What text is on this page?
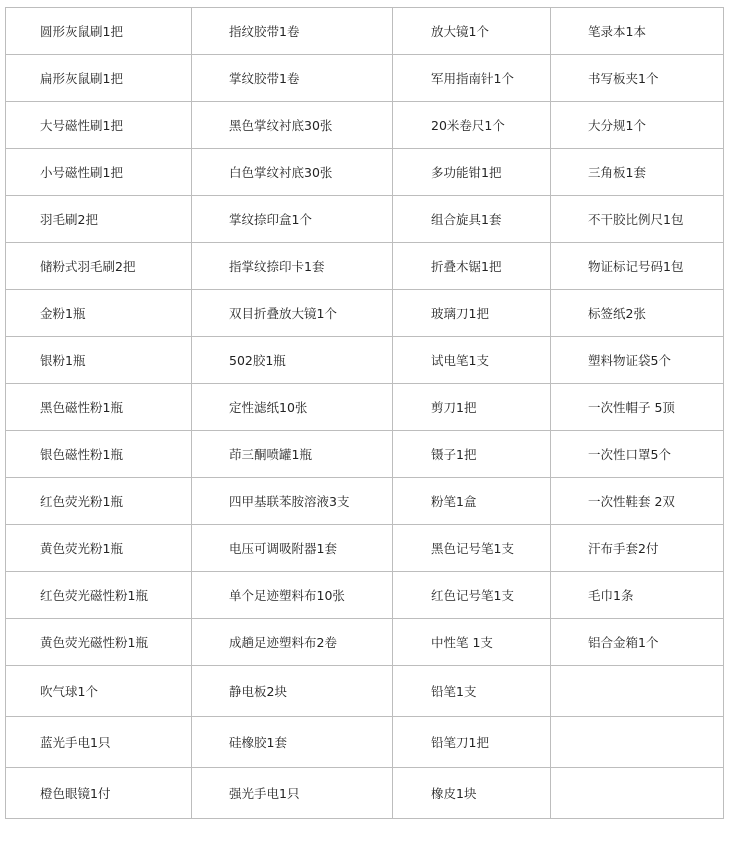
圆形灰鼠刷1把	指纹胶带1卷	放大镜1个	笔录本1本
扁形灰鼠刷1把	掌纹胶带1卷	军用指南针1个	书写板夹1个
大号磁性刷1把	黑色掌纹衬底30张	20米卷尺1个	大分规1个
小号磁性刷1把	白色掌纹衬底30张	多功能钳1把	三角板1套
羽毛刷2把	掌纹捺印盒1个	组合旋具1套	不干胶比例尺1包
储粉式羽毛刷2把	指掌纹捺印卡1套	折叠木锯1把	物证标记号码1包
金粉1瓶	双目折叠放大镜1个	玻璃刀1把	标签纸2张
银粉1瓶	502胶1瓶	试电笔1支	塑料物证袋5个
黑色磁性粉1瓶	定性滤纸10张	剪刀1把	一次性帽子 5顶
银色磁性粉1瓶	茚三酮喷罐1瓶	镊子1把	一次性口罩5个
红色荧光粉1瓶	四甲基联苯胺溶液3支	粉笔1盒	一次性鞋套 2双
黄色荧光粉1瓶	电压可调吸附器1套	黑色记号笔1支	汗布手套2付
红色荧光磁性粉1瓶	单个足迹塑料布10张	红色记号笔1支	毛巾1条
黄色荧光磁性粉1瓶	成趟足迹塑料布2卷	中性笔 1支	铝合金箱1个
吹气球1个	静电板2块	铅笔1支	
蓝光手电1只	硅橡胶1套	铅笔刀1把	
橙色眼镜1付	强光手电1只	橡皮1块	
